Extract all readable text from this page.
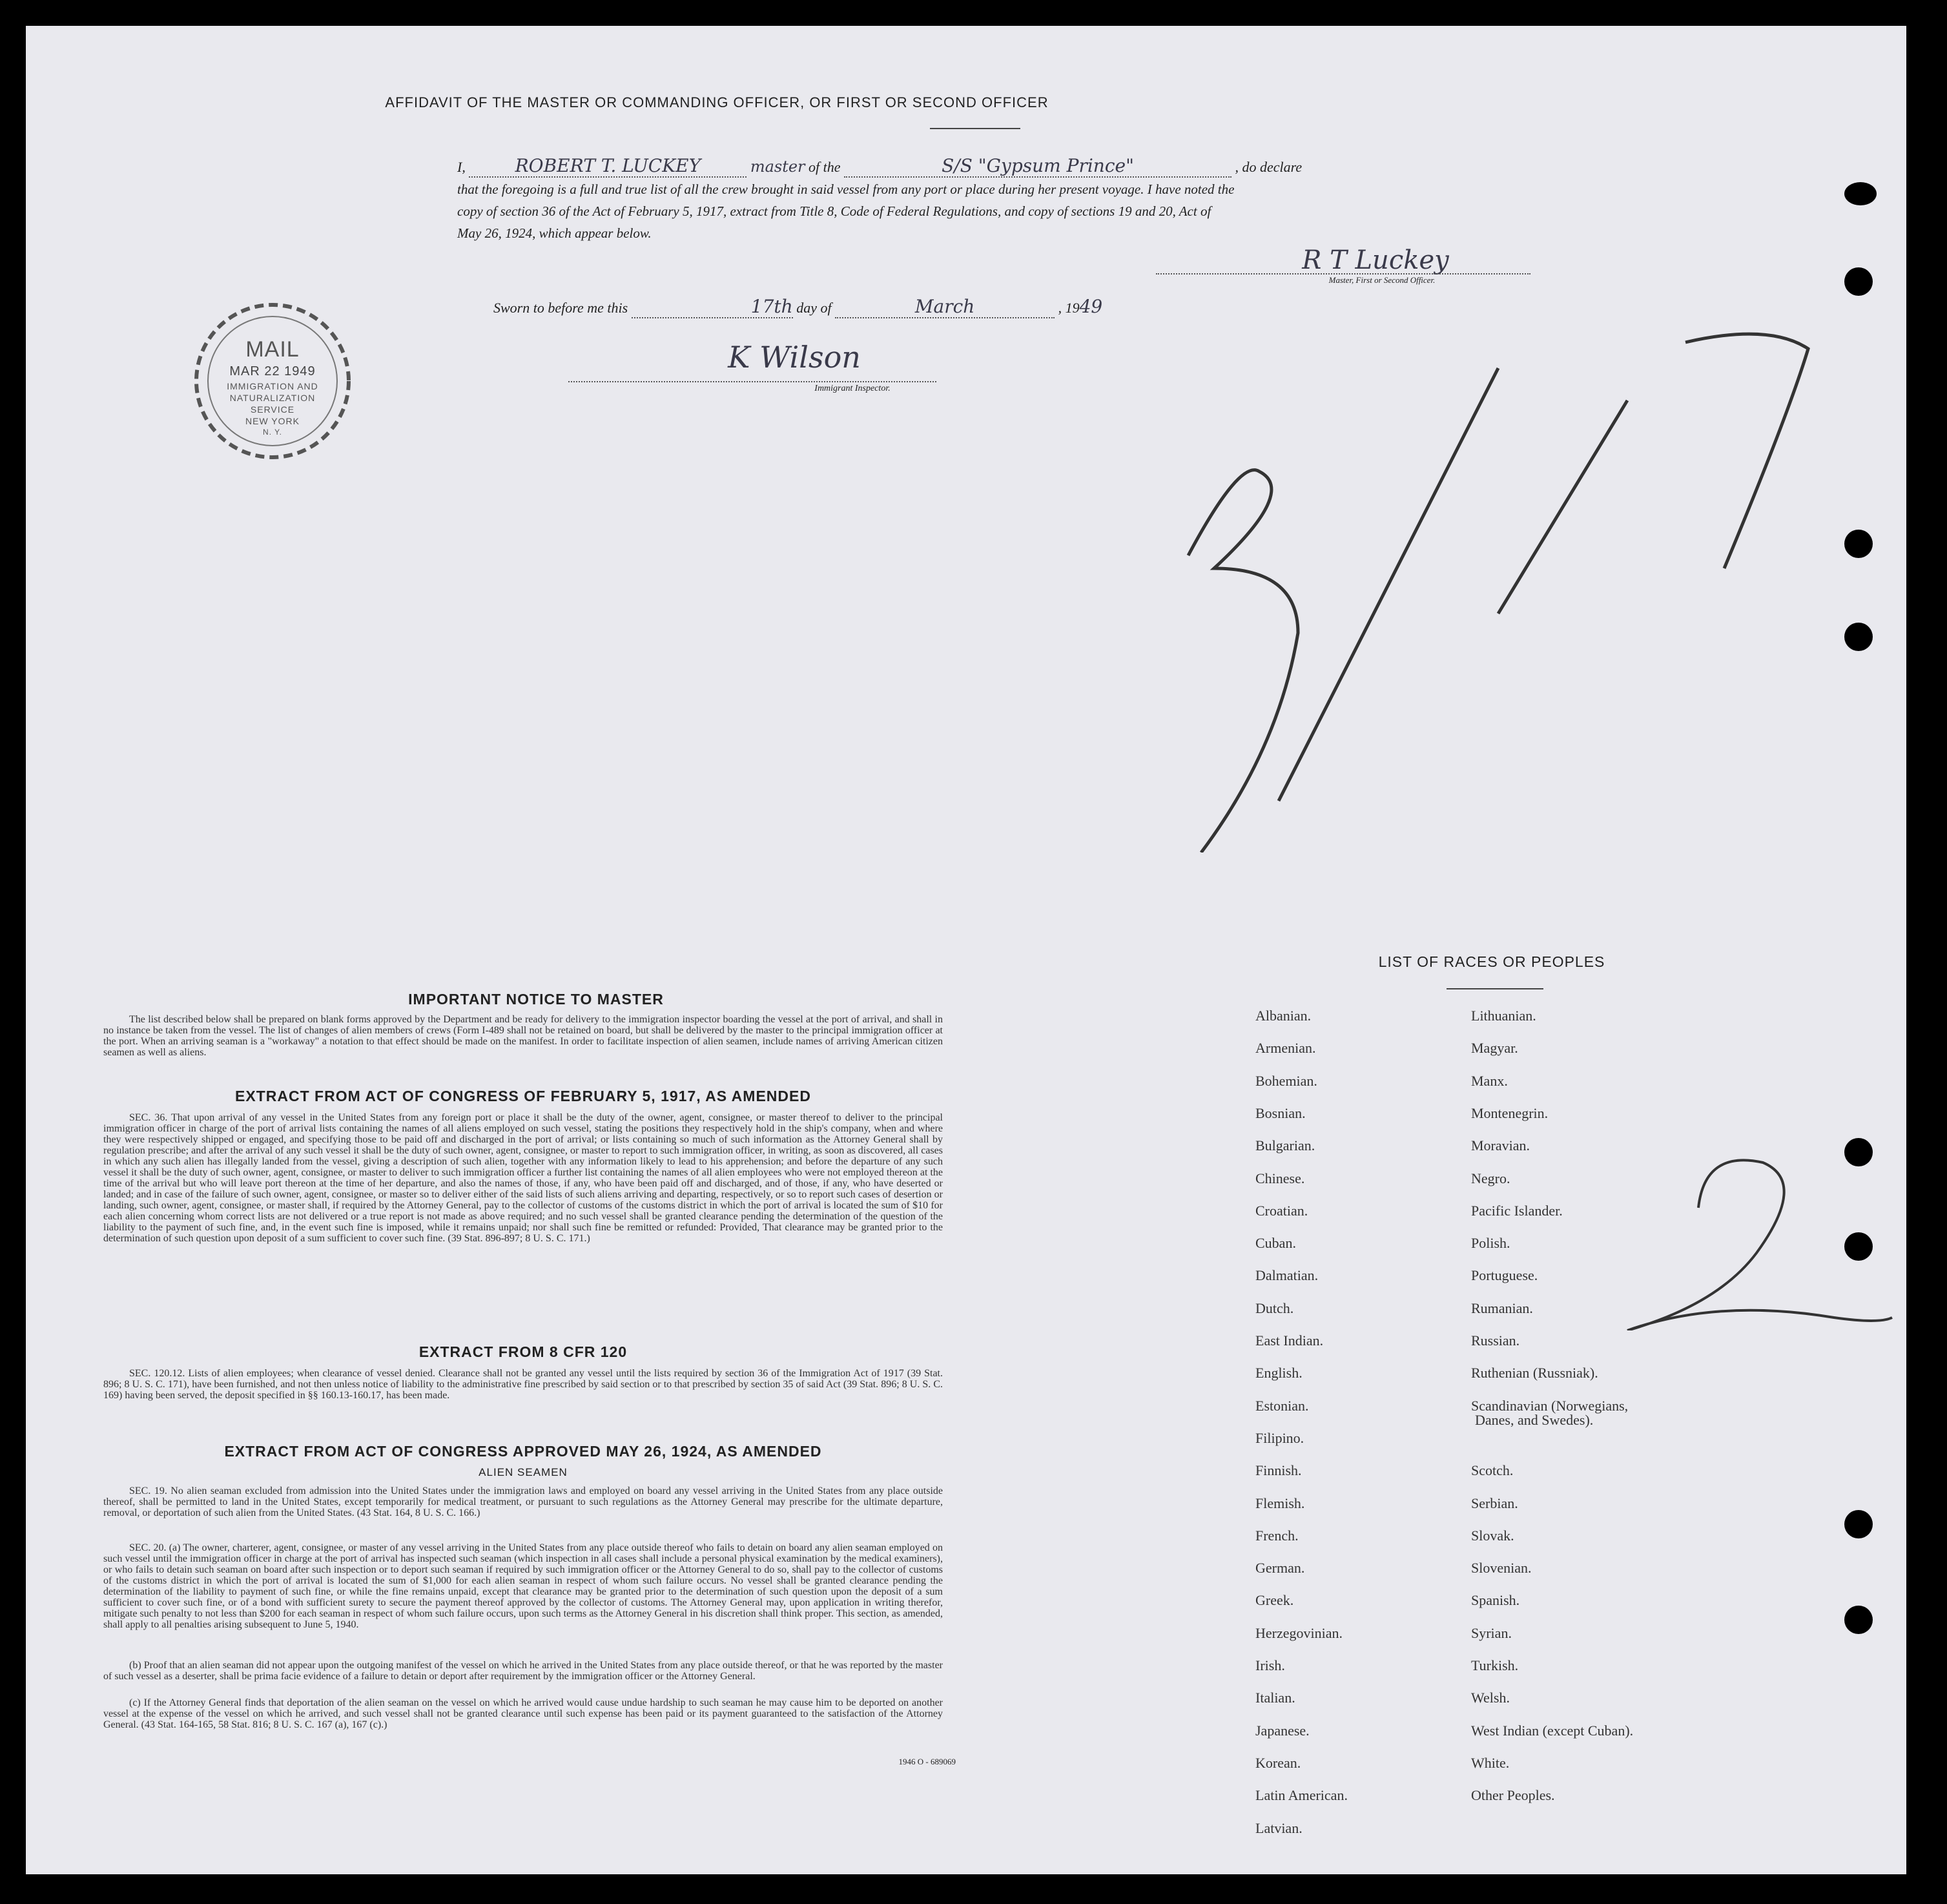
AFFIDAVIT OF THE MASTER OR COMMANDING OFFICER, OR FIRST OR SECOND OFFICER
I,	ROBERT T. LUCKEY	master of the	S/S "Gypsum Prince"	, do declare
that the foregoing is a full and true list of all the crew brought in said vessel from any port or place during her present voyage. I have noted the
copy of section 36 of the Act of February 5, 1917, extract from Title 8, Code of Federal Regulations, and copy of sections 19 and 20, Act of
May 26, 1924, which appear below.
R T Luckey
Master, First or Second Officer.
Sworn to before me this	17th day of	March	, 1949
K Wilson
Immigrant Inspector.
MAIL
MAR 22 1949
IMMIGRATION AND
NATURALIZATION
SERVICE
NEW YORK
N. Y.
IMPORTANT NOTICE TO MASTER
The list described below shall be prepared on blank forms approved by the Department and be ready for delivery to the immigration inspector boarding the vessel at the port of arrival, and shall in no instance be taken from the vessel. The list of changes of alien members of crews (Form I-489 shall not be retained on board, but shall be delivered by the master to the principal immigration officer at the port. When an arriving seaman is a "workaway" a notation to that effect should be made on the manifest. In order to facilitate inspection of alien seamen, include names of arriving American citizen seamen as well as aliens.
EXTRACT FROM ACT OF CONGRESS OF FEBRUARY 5, 1917, AS AMENDED
SEC. 36. That upon arrival of any vessel in the United States from any foreign port or place it shall be the duty of the owner, agent, consignee, or master thereof to deliver to the principal immigration officer in charge of the port of arrival lists containing the names of all aliens employed on such vessel, stating the positions they respectively hold in the ship's company, when and where they were respectively shipped or engaged, and specifying those to be paid off and discharged in the port of arrival; or lists containing so much of such information as the Attorney General shall by regulation prescribe; and after the arrival of any such vessel it shall be the duty of such owner, agent, consignee, or master to report to such immigration officer, in writing, as soon as discovered, all cases in which any such alien has illegally landed from the vessel, giving a description of such alien, together with any information likely to lead to his apprehension; and before the departure of any such vessel it shall be the duty of such owner, agent, consignee, or master to deliver to such immigration officer a further list containing the names of all alien employees who were not employed thereon at the time of the arrival but who will leave port thereon at the time of her departure, and also the names of those, if any, who have been paid off and discharged, and of those, if any, who have deserted or landed; and in case of the failure of such owner, agent, consignee, or master so to deliver either of the said lists of such aliens arriving and departing, respectively, or so to report such cases of desertion or landing, such owner, agent, consignee, or master shall, if required by the Attorney General, pay to the collector of customs of the customs district in which the port of arrival is located the sum of $10 for each alien concerning whom correct lists are not delivered or a true report is not made as above required; and no such vessel shall be granted clearance pending the determination of the question of the liability to the payment of such fine, and, in the event such fine is imposed, while it remains unpaid; nor shall such fine be remitted or refunded: Provided, That clearance may be granted prior to the determination of such question upon deposit of a sum sufficient to cover such fine. (39 Stat. 896-897; 8 U. S. C. 171.)
EXTRACT FROM 8 CFR 120
SEC. 120.12. Lists of alien employees; when clearance of vessel denied. Clearance shall not be granted any vessel until the lists required by section 36 of the Immigration Act of 1917 (39 Stat. 896; 8 U. S. C. 171), have been furnished, and not then unless notice of liability to the administrative fine prescribed by said section or to that prescribed by section 35 of said Act (39 Stat. 896; 8 U. S. C. 169) having been served, the deposit specified in §§ 160.13-160.17, has been made.
EXTRACT FROM ACT OF CONGRESS APPROVED MAY 26, 1924, AS AMENDED
ALIEN SEAMEN
SEC. 19. No alien seaman excluded from admission into the United States under the immigration laws and employed on board any vessel arriving in the United States from any place outside thereof, shall be permitted to land in the United States, except temporarily for medical treatment, or pursuant to such regulations as the Attorney General may prescribe for the ultimate departure, removal, or deportation of such alien from the United States. (43 Stat. 164, 8 U. S. C. 166.)
SEC. 20. (a) The owner, charterer, agent, consignee, or master of any vessel arriving in the United States from any place outside thereof who fails to detain on board any alien seaman employed on such vessel until the immigration officer in charge at the port of arrival has inspected such seaman (which inspection in all cases shall include a personal physical examination by the medical examiners), or who fails to detain such seaman on board after such inspection or to deport such seaman if required by such immigration officer or the Attorney General to do so, shall pay to the collector of customs of the customs district in which the port of arrival is located the sum of $1,000 for each alien seaman in respect of whom such failure occurs. No vessel shall be granted clearance pending the determination of the liability to payment of such fine, or while the fine remains unpaid, except that clearance may be granted prior to the determination of such question upon the deposit of a sum sufficient to cover such fine, or of a bond with sufficient surety to secure the payment thereof approved by the collector of customs. The Attorney General may, upon application in writing therefor, mitigate such penalty to not less than $200 for each seaman in respect of whom such failure occurs, upon such terms as the Attorney General in his discretion shall think proper. This section, as amended, shall apply to all penalties arising subsequent to June 5, 1940.
(b) Proof that an alien seaman did not appear upon the outgoing manifest of the vessel on which he arrived in the United States from any place outside thereof, or that he was reported by the master of such vessel as a deserter, shall be prima facie evidence of a failure to detain or deport after requirement by the immigration officer or the Attorney General.
(c) If the Attorney General finds that deportation of the alien seaman on the vessel on which he arrived would cause undue hardship to such seaman he may cause him to be deported on another vessel at the expense of the vessel on which he arrived, and such vessel shall not be granted clearance until such expense has been paid or its payment guaranteed to the satisfaction of the Attorney General. (43 Stat. 164-165, 58 Stat. 816; 8 U. S. C. 167 (a), 167 (c).)
1946 O - 689069
LIST OF RACES OR PEOPLES
Albanian.
Armenian.
Bohemian.
Bosnian.
Bulgarian.
Chinese.
Croatian.
Cuban.
Dalmatian.
Dutch.
East Indian.
English.
Estonian.
Filipino.
Finnish.
Flemish.
French.
German.
Greek.
Herzegovinian.
Irish.
Italian.
Japanese.
Korean.
Latin American.
Latvian.
Lithuanian.
Magyar.
Manx.
Montenegrin.
Moravian.
Negro.
Pacific Islander.
Polish.
Portuguese.
Rumanian.
Russian.
Ruthenian (Russniak).
Scandinavian (Norwegians,
Danes, and Swedes).
Scotch.
Serbian.
Slovak.
Slovenian.
Spanish.
Syrian.
Turkish.
Welsh.
West Indian (except Cuban).
White.
Other Peoples.
